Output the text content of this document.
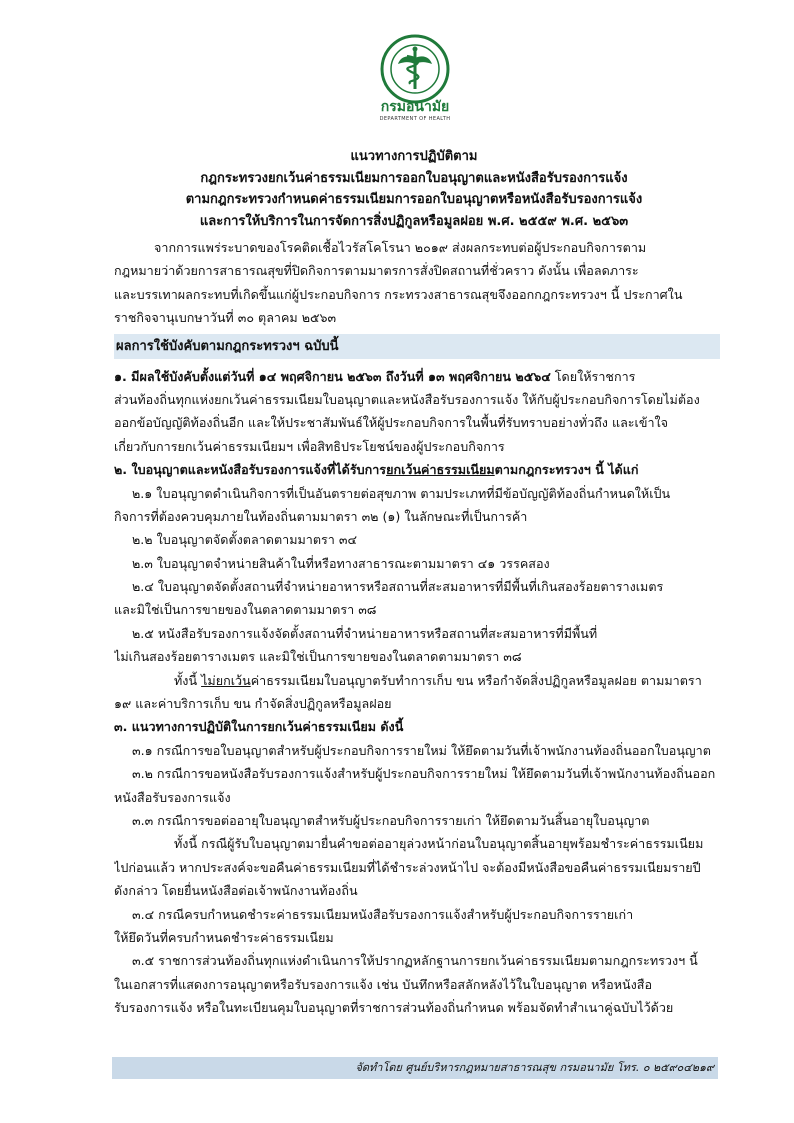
กรมอนามัย
DEPARTMENT OF HEALTH
แนวทางการปฏิบัติตาม
กฎกระทรวงยกเว้นค่าธรรมเนียมการออกใบอนุญาตและหนังสือรับรองการแจ้ง
ตามกฎกระทรวงกำหนดค่าธรรมเนียมการออกใบอนุญาตหรือหนังสือรับรองการแจ้ง
และการให้บริการในการจัดการสิ่งปฏิกูลหรือมูลฝอย พ.ศ. ๒๕๕๙ พ.ศ. ๒๕๖๓
จากการแพร่ระบาดของโรคติดเชื้อไวรัสโคโรนา ๒๐๑๙ ส่งผลกระทบต่อผู้ประกอบกิจการตาม
กฎหมายว่าด้วยการสาธารณสุขที่ปิดกิจการตามมาตรการสั่งปิดสถานที่ชั่วคราว ดังนั้น เพื่อลดภาระ
และบรรเทาผลกระทบที่เกิดขึ้นแก่ผู้ประกอบกิจการ กระทรวงสาธารณสุขจึงออกกฎกระทรวงฯ นี้ ประกาศใน
ราชกิจจานุเบกษาวันที่ ๓๐ ตุลาคม ๒๕๖๓
ผลการใช้บังคับตามกฎกระทรวงฯ ฉบับนี้
๑. มีผลใช้บังคับตั้งแต่วันที่ ๑๔ พฤศจิกายน ๒๕๖๓ ถึงวันที่ ๑๓ พฤศจิกายน ๒๕๖๔ โดยให้ราชการ
ส่วนท้องถิ่นทุกแห่งยกเว้นค่าธรรมเนียมใบอนุญาตและหนังสือรับรองการแจ้ง ให้กับผู้ประกอบกิจการโดยไม่ต้อง
ออกข้อบัญญัติท้องถิ่นอีก และให้ประชาสัมพันธ์ให้ผู้ประกอบกิจการในพื้นที่รับทราบอย่างทั่วถึง และเข้าใจ
เกี่ยวกับการยกเว้นค่าธรรมเนียมฯ เพื่อสิทธิประโยชน์ของผู้ประกอบกิจการ
๒. ใบอนุญาตและหนังสือรับรองการแจ้งที่ได้รับการยกเว้นค่าธรรมเนียมตามกฎกระทรวงฯ นี้ ได้แก่
๒.๑ ใบอนุญาตดำเนินกิจการที่เป็นอันตรายต่อสุขภาพ ตามประเภทที่มีข้อบัญญัติท้องถิ่นกำหนดให้เป็น
กิจการที่ต้องควบคุมภายในท้องถิ่นตามมาตรา ๓๒ (๑) ในลักษณะที่เป็นการค้า
๒.๒ ใบอนุญาตจัดตั้งตลาดตามมาตรา ๓๔
๒.๓ ใบอนุญาตจำหน่ายสินค้าในที่หรือทางสาธารณะตามมาตรา ๔๑ วรรคสอง
๒.๔ ใบอนุญาตจัดตั้งสถานที่จำหน่ายอาหารหรือสถานที่สะสมอาหารที่มีพื้นที่เกินสองร้อยตารางเมตร
และมิใช่เป็นการขายของในตลาดตามมาตรา ๓๘
๒.๕ หนังสือรับรองการแจ้งจัดตั้งสถานที่จำหน่ายอาหารหรือสถานที่สะสมอาหารที่มีพื้นที่
ไม่เกินสองร้อยตารางเมตร และมิใช่เป็นการขายของในตลาดตามมาตรา ๓๘
ทั้งนี้ ไม่ยกเว้นค่าธรรมเนียมใบอนุญาตรับทำการเก็บ ขน หรือกำจัดสิ่งปฏิกูลหรือมูลฝอย ตามมาตรา
๑๙ และค่าบริการเก็บ ขน กำจัดสิ่งปฏิกูลหรือมูลฝอย
๓. แนวทางการปฏิบัติในการยกเว้นค่าธรรมเนียม ดังนี้
๓.๑ กรณีการขอใบอนุญาตสำหรับผู้ประกอบกิจการรายใหม่ ให้ยึดตามวันที่เจ้าพนักงานท้องถิ่นออกใบอนุญาต
๓.๒ กรณีการขอหนังสือรับรองการแจ้งสำหรับผู้ประกอบกิจการรายใหม่ ให้ยึดตามวันที่เจ้าพนักงานท้องถิ่นออก
หนังสือรับรองการแจ้ง
๓.๓ กรณีการขอต่ออายุใบอนุญาตสำหรับผู้ประกอบกิจการรายเก่า ให้ยึดตามวันสิ้นอายุใบอนุญาต
ทั้งนี้ กรณีผู้รับใบอนุญาตมายื่นคำขอต่ออายุล่วงหน้าก่อนใบอนุญาตสิ้นอายุพร้อมชำระค่าธรรมเนียม
ไปก่อนแล้ว หากประสงค์จะขอคืนค่าธรรมเนียมที่ได้ชำระล่วงหน้าไป จะต้องมีหนังสือขอคืนค่าธรรมเนียมรายปี
ดังกล่าว โดยยื่นหนังสือต่อเจ้าพนักงานท้องถิ่น
๓.๔ กรณีครบกำหนดชำระค่าธรรมเนียมหนังสือรับรองการแจ้งสำหรับผู้ประกอบกิจการรายเก่า
ให้ยึดวันที่ครบกำหนดชำระค่าธรรมเนียม
๓.๕ ราชการส่วนท้องถิ่นทุกแห่งดำเนินการให้ปรากฏหลักฐานการยกเว้นค่าธรรมเนียมตามกฎกระทรวงฯ นี้
ในเอกสารที่แสดงการอนุญาตหรือรับรองการแจ้ง เช่น บันทึกหรือสลักหลังไว้ในใบอนุญาต หรือหนังสือ
รับรองการแจ้ง หรือในทะเบียนคุมใบอนุญาตที่ราชการส่วนท้องถิ่นกำหนด พร้อมจัดทำสำเนาคู่ฉบับไว้ด้วย
จัดทำโดย ศูนย์บริหารกฎหมายสาธารณสุข กรมอนามัย โทร. ๐ ๒๕๙๐๔๒๑๙
